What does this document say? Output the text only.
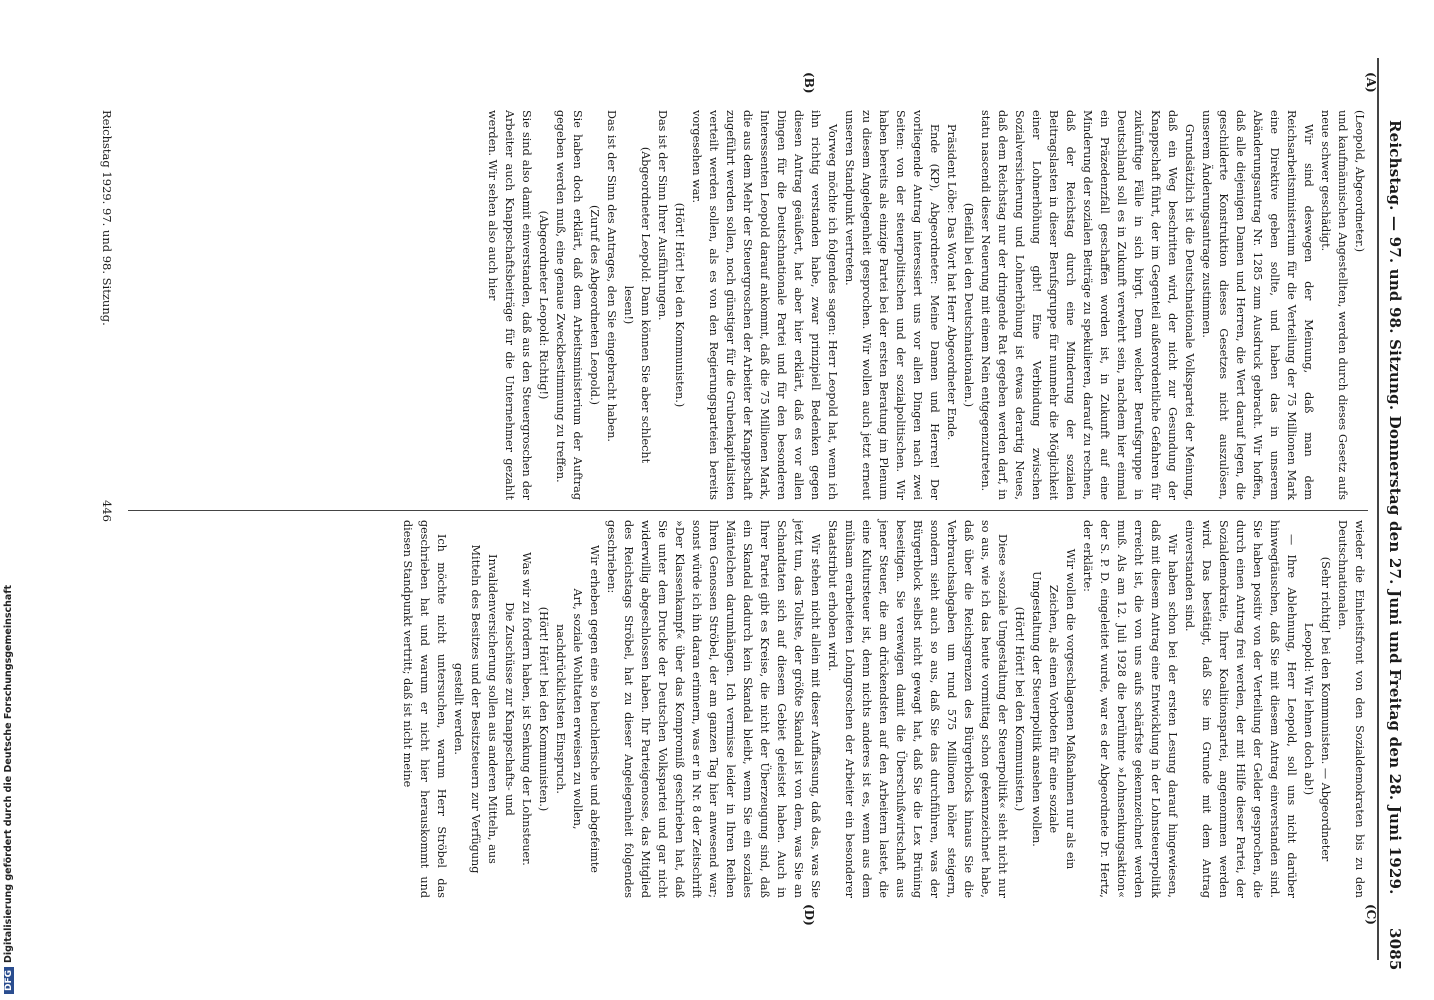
Reichstag. — 97. und 98. Sitzung. Donnerstag den 27. Juni und Freitag den 28. Juni 1929.
3085
(A)
(B)
(C)
(D)

(Leopold, Abgeordneter.)

und kaufmännischen Angestellten, werden durch dieses Gesetz aufs neue schwer geschädigt.

Wir sind deswegen der Meinung, daß man dem Reichsarbeitsministerium für die Verteilung der 75 Millionen Mark eine Direktive geben sollte, und haben das in unserem Abänderungsantrag Nr. 1285 zum Ausdruck gebracht. Wir hoffen, daß alle diejenigen Damen und Herren, die Wert darauf legen, die geschilderte Konstruktion dieses Gesetzes nicht auszulösen, unserem Änderungsantrage zustimmen.

Grundsätzlich ist die Deutschnationale Volkspartei der Meinung, daß ein Weg beschritten wird, der nicht zur Gesundung der Knappschaft führt, der im Gegenteil außerordentliche Gefahren für zukünftige Fälle in sich birgt. Denn welcher Berufsgruppe in Deutschland soll es in Zukunft verwehrt sein, nachdem hier einmal ein Präzedenzfall geschaffen worden ist, in Zukunft auf eine Minderung der sozialen Beiträge zu spekulieren, darauf zu rechnen, daß der Reichstag durch eine Minderung der sozialen Beitragslasten in dieser Berufsgruppe für nunmehr die Möglichkeit einer Lohnerhöhung gibt! Eine Verbindung zwischen Sozialversicherung und Lohnerhöhung ist etwas derartig Neues, daß dem Reichstag nur der dringende Rat gegeben werden darf, in statu nascendi dieser Neuerung mit einem Nein entgegenzutreten.

(Beifall bei den Deutschnationalen.)

Präsident Löbe: Das Wort hat Herr Abgeordneter Ende.

Ende (KP), Abgeordneter: Meine Damen und Herren! Der vorliegende Antrag interessiert uns vor allen Dingen nach zwei Seiten: von der steuerpolitischen und der sozialpolitischen. Wir haben bereits als einzige Partei bei der ersten Beratung im Plenum zu diesem Angelegenheit gesprochen. Wir wollen auch jetzt erneut unseren Standpunkt vertreten.

Vorweg möchte ich folgendes sagen: Herr Leopold hat, wenn ich ihn richtig verstanden habe, zwar prinzipiell Bedenken gegen diesen Antrag geäußert, hat aber hier erklärt, daß es vor allen Dingen für die Deutschnationale Partei und für den besonderen Interessenten Leopold darauf ankommt, daß die 75 Millionen Mark, die aus dem Mehr der Steuergroschen der Arbeiter der Knappschaft zugeführt werden sollen, noch günstiger für die Grubenkapitalisten verteilt werden sollen, als es von den Regierungsparteien bereits vorgesehen war.

(Hört! Hört! bei den Kommunisten.)

Das ist der Sinn Ihrer Ausführungen.

(Abgeordneter Leopold: Dann können Sie aber schlecht lesen!)

Das ist der Sinn des Antrages, den Sie eingebracht haben.

(Zuruf des Abgeordneten Leopold.)

Sie haben doch erklärt, daß dem Arbeitsministerium der Auftrag gegeben werden muß, eine genaue Zweckbestimmung zu treffen.

(Abgeordneter Leopold: Richtig!)

Sie sind also damit einverstanden, daß aus den Steuergroschen der Arbeiter auch Knappschaftsbeiträge für die Unternehmer gezahlt werden. Wir sehen also auch hier

wieder die Einheitsfront von den Sozialdemokraten bis zu den Deutschnationalen.

(Sehr richtig! bei den Kommunisten. — Abgeordneter Leopold: Wir lehnen doch ab!)

— Ihre Ablehnung, Herr Leopold, soll uns nicht darüber hinwegtäuschen, daß Sie mit diesem Antrag einverstanden sind. Sie haben positiv von der Verteilung der Gelder gesprochen, die durch einen Antrag frei werden, der mit Hilfe dieser Partei, der Sozialdemokratie, Ihrer Koalitionspartei, angenommen werden wird. Das bestätigt, daß Sie im Grunde mit dem Antrag einverstanden sind.

Wir haben schon bei der ersten Lesung darauf hingewiesen, daß mit diesem Antrag eine Entwicklung in der Lohnsteuerpolitik erreicht ist, die von uns aufs schärfste gekennzeichnet werden muß. Als am 12. Juli 1928 die berühmte »Lohnsenkungsaktion« der S. P. D. eingeleitet wurde, war es der Abgeordnete Dr. Hertz, der erklärte:

Wir wollen die vorgeschlagenen Maßnahmen nur als ein Zeichen, als einen Vorboten für eine soziale Umgestaltung der Steuerpolitik ansehen wollen.

(Hört! Hört! bei den Kommunisten.)

Diese »soziale Umgestaltung der Steuerpolitik« sieht nicht nur so aus, wie ich das heute vormittag schon gekennzeichnet habe, daß über die Reichsgrenzen des Bürgerblocks hinaus Sie die Verbrauchsabgaben um rund 575 Millionen höher steigern, sondern sieht auch so aus, daß Sie das durchführen, was der Bürgerblock selbst nicht gewagt hat, daß Sie die Lex Brüning beseitigen. Sie verewigen damit die Überschußwirtschaft aus jener Steuer, die am drückendsten auf den Arbeitern lastet, die eine Kultursteuer ist, denn nichts anderes ist es, wenn aus dem mühsam erarbeiteten Lohngroschen der Arbeiter ein besonderer Staatstribut erhoben wird.

Wir stehen nicht allein mit dieser Auffassung, daß das, was Sie jetzt tun, das Tollste, der größte Skandal ist von dem, was Sie an Schandtaten sich auf diesem Gebiet geleistet haben. Auch in Ihrer Partei gibt es Kreise, die nicht der Überzeugung sind, daß ein Skandal dadurch kein Skandal bleibt, wenn Sie ein soziales Mäntelchen darumhängen. Ich vermisse leider in Ihren Reihen Ihren Genossen Ströbel, der am ganzen Tag hier anwesend war; sonst würde ich ihn daran erinnern, was er in Nr. 8 der Zeitschrift »Der Klassenkampf« über das Kompromiß geschrieben hat, daß Sie unter dem Drucke der Deutschen Volkspartei und gar nicht widerwillig abgeschlossen haben. Ihr Parteigenosse, das Mitglied des Reichstags Ströbel, hat zu dieser Angelegenheit folgendes geschrieben:

Wir erheben gegen eine so heuchlerische und abgefeimte Art, soziale Wohltaten erweisen zu wollen, nachdrücklichsten Einspruch.

(Hört! Hört! bei den Kommunisten.)

Was wir zu fordern haben, ist Senkung der Lohnsteuer. Die Zuschüsse zur Knappschafts- und Invalidenversicherung sollen aus anderen Mitteln, aus Mitteln des Besitzes und der Besitzsteuern zur Verfügung gestellt werden.

Ich möchte nicht untersuchen, warum Herr Ströbel das geschrieben hat und warum er nicht hier herauskommt und diesen Standpunkt vertritt; daß ist nicht meine

Reichstag 1929. 97. und 98. Sitzung.
446
DFGDigitalisierung gefördert durch die Deutsche Forschungsgemeinschaft
